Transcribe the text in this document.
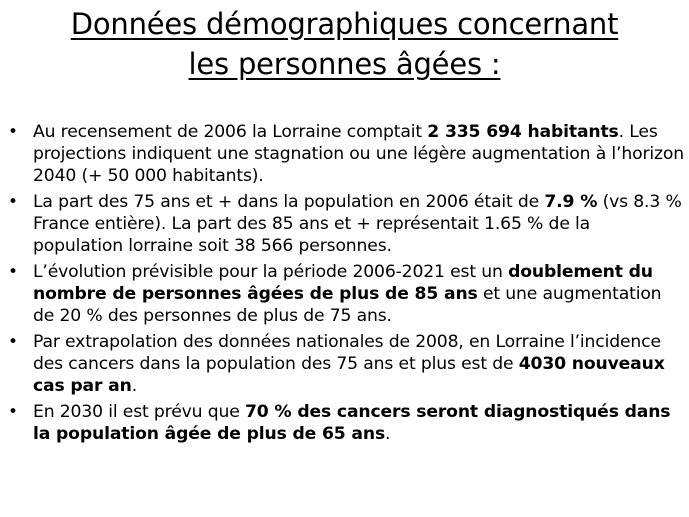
Données démographiques concernant
les personnes âgées :
• Au recensement de 2006 la Lorraine comptait 2 335 694 habitants. Les projections indiquent une stagnation ou une légère augmentation à l’horizon 2040 (+ 50 000 habitants).
• La part des 75 ans et + dans la population en 2006 était de 7.9 % (vs 8.3 % France entière). La part des 85 ans et + représentait 1.65 % de la population lorraine soit 38 566 personnes.
• L’évolution prévisible pour la période 2006-2021 est un doublement du nombre de personnes âgées de plus de 85 ans et une augmentation de 20 % des personnes de plus de 75 ans.
• Par extrapolation des données nationales de 2008, en Lorraine l’incidence des cancers dans la population des 75 ans et plus est de 4030 nouveaux cas par an.
• En 2030 il est prévu que 70 % des cancers seront diagnostiqués dans la population âgée de plus de 65 ans.
